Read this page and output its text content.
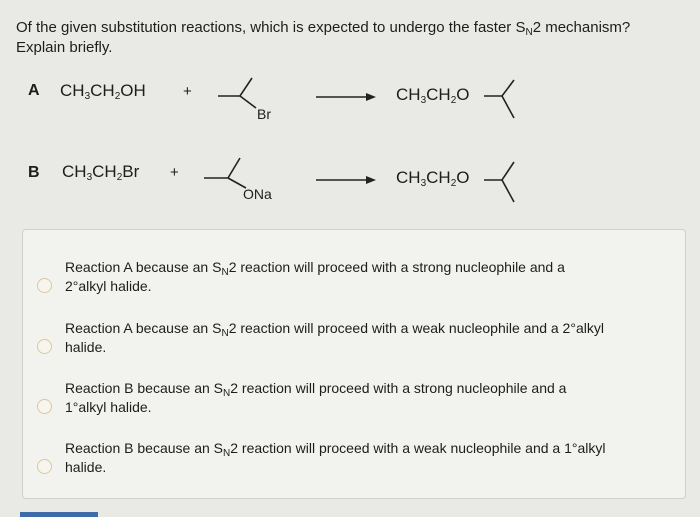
Of the given substitution reactions, which is expected to undergo the faster $S_N2$ mechanism?
Explain briefly.
A $CH_3CH_2OH$ +
Br
$CH_3CH_2O$
B $CH_3CH_2Br$ +
ONa
$CH_3CH_2O$
Reaction A because an $S_N2$ reaction will proceed with a strong nucleophile and a
2°alkyl halide.
Reaction A because an $S_N2$ reaction will proceed with a weak nucleophile and a 2°alkyl
halide.
Reaction B because an $S_N2$ reaction will proceed with a strong nucleophile and a
1°alkyl halide.
Reaction B because an $S_N2$ reaction will proceed with a weak nucleophile and a 1°alkyl
halide.
